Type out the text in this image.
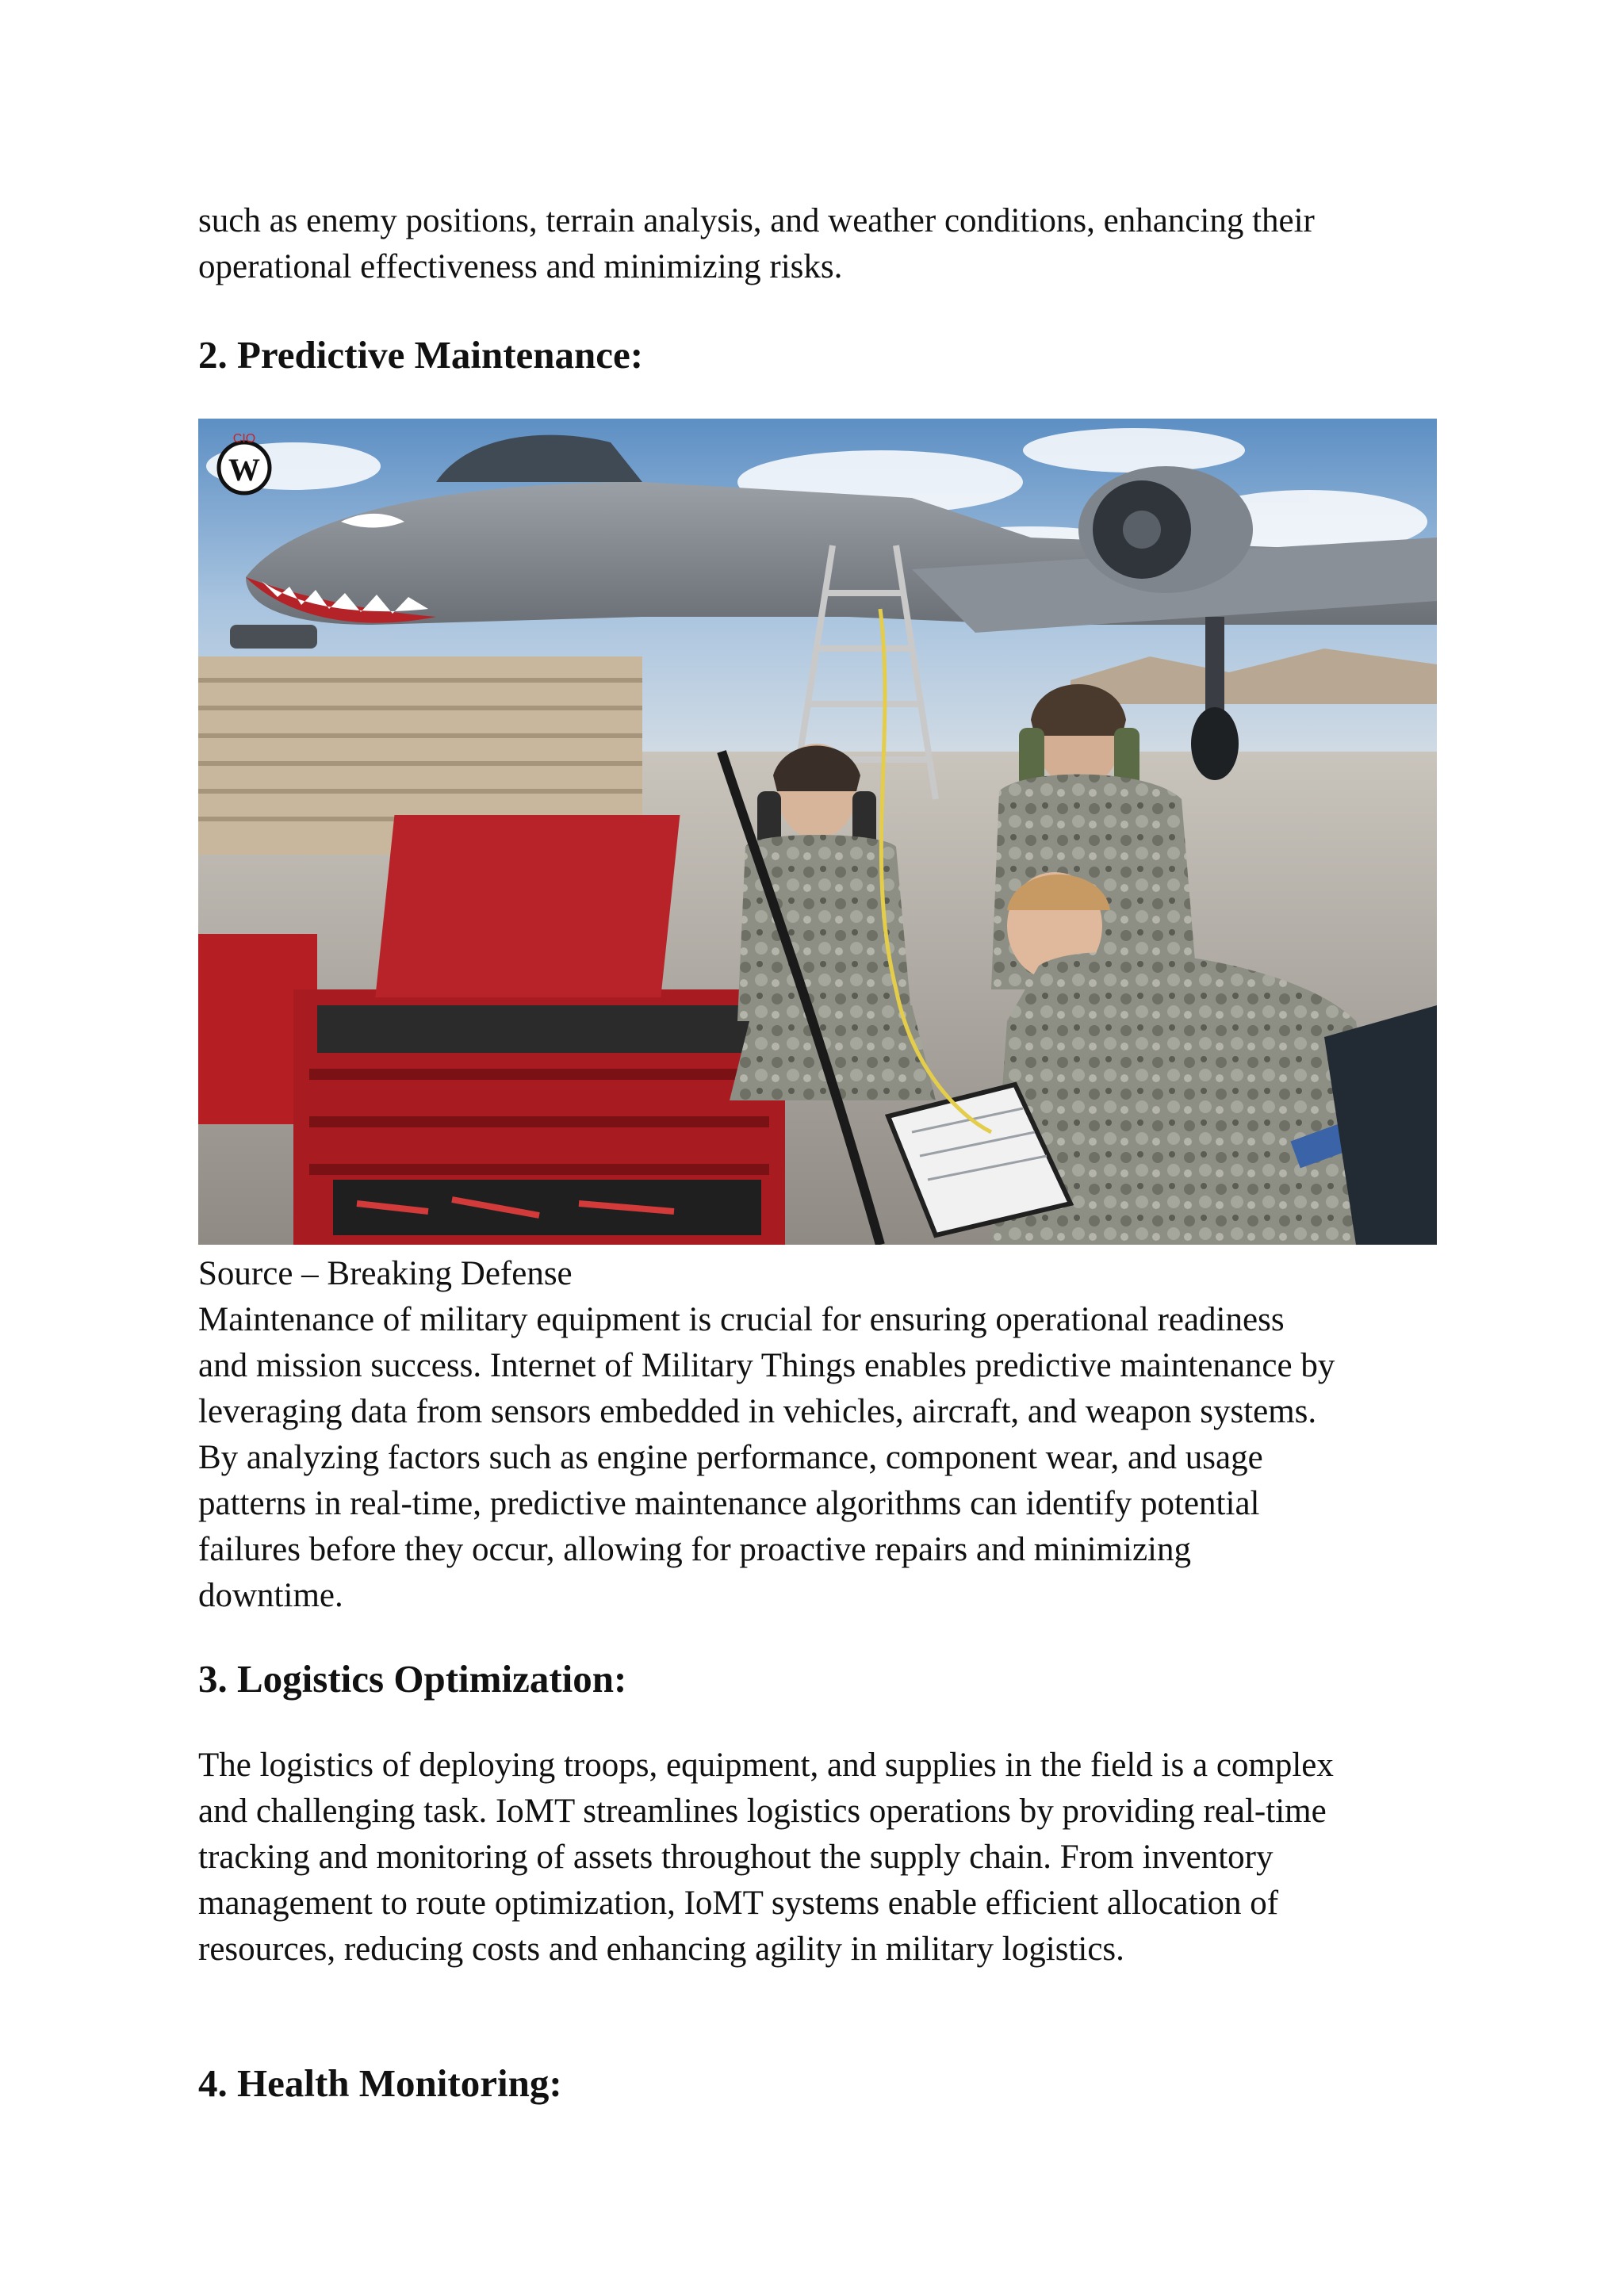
such as enemy positions, terrain analysis, and weather conditions, enhancing their
operational effectiveness and minimizing risks.

2. Predictive Maintenance:
W
CIO

Source – Breaking Defense

Maintenance of military equipment is crucial for ensuring operational readiness
and mission success. Internet of Military Things enables predictive maintenance by
leveraging data from sensors embedded in vehicles, aircraft, and weapon systems.
By analyzing factors such as engine performance, component wear, and usage
patterns in real-time, predictive maintenance algorithms can identify potential
failures before they occur, allowing for proactive repairs and minimizing
downtime.

3. Logistics Optimization:

The logistics of deploying troops, equipment, and supplies in the field is a complex
and challenging task. IoMT streamlines logistics operations by providing real-time
tracking and monitoring of assets throughout the supply chain. From inventory
management to route optimization, IoMT systems enable efficient allocation of
resources, reducing costs and enhancing agility in military logistics.

4. Health Monitoring:
